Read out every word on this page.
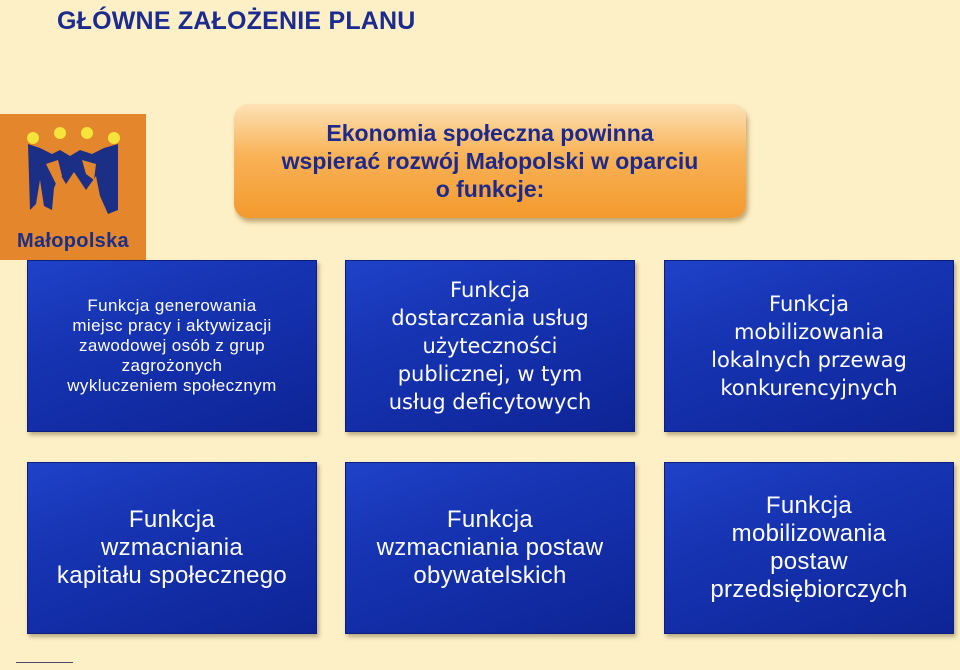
GŁÓWNE ZAŁOŻENIE PLANU
Małopolska
Ekonomia społeczna powinna wspierać rozwój Małopolski w oparciu o funkcje:
Funkcja generowania
miejsc pracy i aktywizacji
zawodowej osób z grup
zagrożonych
wykluczeniem społecznym
Funkcja
dostarczania usług
użyteczności
publicznej, w tym
usług deficytowych
Funkcja
mobilizowania
lokalnych przewag
konkurencyjnych
Funkcja
wzmacniania
kapitału społecznego
Funkcja
wzmacniania postaw
obywatelskich
Funkcja
mobilizowania
postaw
przedsiębiorczych
